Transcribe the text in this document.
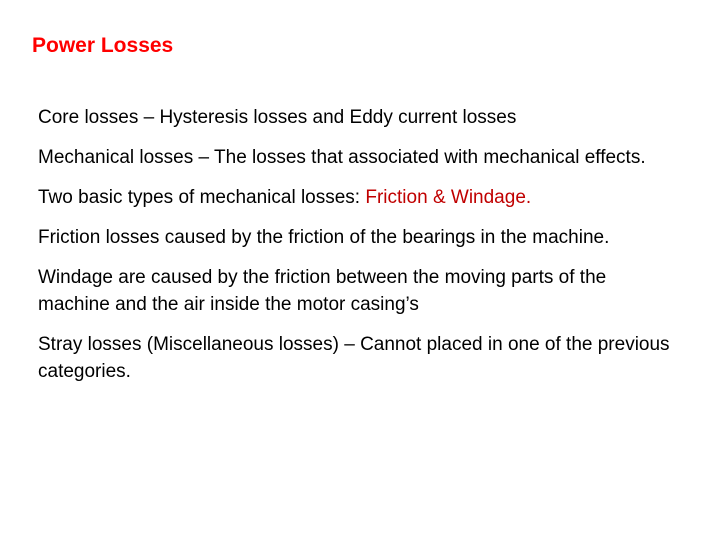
Power Losses
Core losses – Hysteresis losses and Eddy current losses
Mechanical losses – The losses that associated with mechanical effects.
Two basic types of mechanical losses: Friction & Windage.
Friction losses caused by the friction of the bearings in the machine.
Windage are caused by the friction between the moving parts of the machine and the air inside the motor casing’s
Stray losses (Miscellaneous losses) – Cannot placed in one of the previous categories.
